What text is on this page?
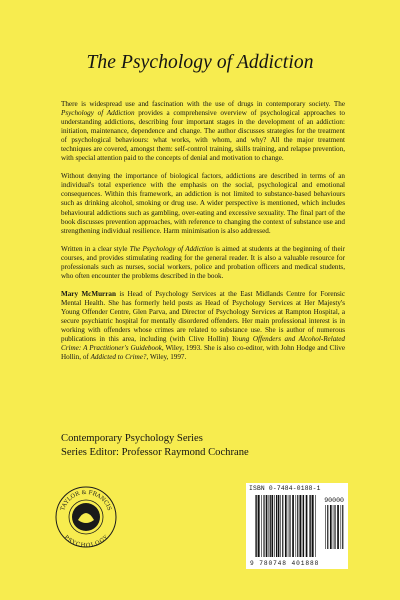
The Psychology of Addiction

There is widespread use and fascination with the use of drugs in contemporary society. The Psychology of Addiction provides a comprehensive overview of psychological approaches to understanding addictions, describing four important stages in the development of an addiction: initiation, maintenance, dependence and change. The author discusses strategies for the treatment of psychological behaviours: what works, with whom, and why? All the major treatment techniques are covered, amongst them: self-control training, skills training, and relapse prevention, with special attention paid to the concepts of denial and motivation to change.

Without denying the importance of biological factors, addictions are described in terms of an individual's total experience with the emphasis on the social, psychological and emotional consequences. Within this framework, an addiction is not limited to substance-based behaviours such as drinking alcohol, smoking or drug use. A wider perspective is mentioned, which includes behavioural addictions such as gambling, over-eating and excessive sexuality. The final part of the book discusses prevention approaches, with reference to changing the context of substance use and strengthening individual resilience. Harm minimisation is also addressed.

Written in a clear style The Psychology of Addiction is aimed at students at the beginning of their courses, and provides stimulating reading for the general reader. It is also a valuable resource for professionals such as nurses, social workers, police and probation officers and medical students, who often encounter the problems described in the book.

Mary McMurran is Head of Psychology Services at the East Midlands Centre for Forensic Mental Health. She has formerly held posts as Head of Psychology Services at Her Majesty's Young Offender Centre, Glen Parva, and Director of Psychology Services at Rampton Hospital, a secure psychiatric hospital for mentally disordered offenders. Her main professional interest is in working with offenders whose crimes are related to substance use. She is author of numerous publications in this area, including (with Clive Hollin) Young Offenders and Alcohol-Related Crime: A Practitioner's Guidebook, Wiley, 1993. She is also co-editor, with John Hodge and Clive Hollin, of Addicted to Crime?, Wiley, 1997.

Contemporary Psychology Series
Series Editor: Professor Raymond Cochrane
TAYLOR & FRANCIS
PSYCHOLOGY
ISBN 0-7484-0188-1
90000
9 780748 401888
